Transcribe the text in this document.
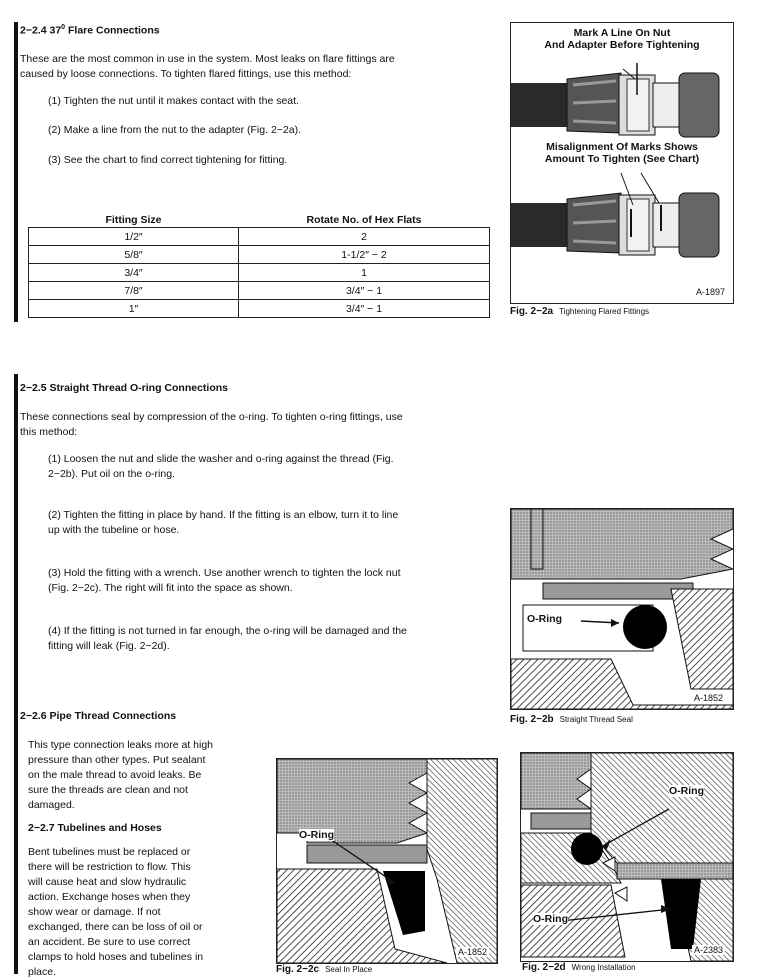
2−2.4 $37^0$ Flare Connections
These are the most common in use in the system. Most leaks on flare fittings are
caused by loose connections. To tighten flared fittings, use this method:
(1) Tighten the nut until it makes contact with the seat.
(2) Make a line from the nut to the adapter (Fig. 2−2a).
(3) See the chart to find correct tightening for fitting.
Fitting Size	Rotate No. of Hex Flats
1/2″	2
5/8″	1-1/2″ − 2
3/4″	1
7/8″	3/4″ − 1
1″	3/4″ − 1
Mark A Line On Nut
And Adapter Before Tightening
Misalignment Of Marks Shows
Amount To Tighten (See Chart)
A-1897
Fig. 2−2a Tightening Flared Fittings
2−2.5 Straight Thread O-ring Connections
These connections seal by compression of the o-ring. To tighten o-ring fittings, use
this method:
(1) Loosen the nut and slide the washer and o-ring against the thread (Fig.
2−2b). Put oil on the o-ring.
(2) Tighten the fitting in place by hand. If the fitting is an elbow, turn it to line
up with the tubeline or hose.
(3) Hold the fitting with a wrench. Use another wrench to tighten the lock nut
(Fig. 2−2c). The right will fit into the space as shown.
(4) If the fitting is not turned in far enough, the o-ring will be damaged and the
fitting will leak (Fig. 2−2d).
O-Ring
A-1852
Fig. 2−2b Straight Thread Seal
2−2.6 Pipe Thread Connections
This type connection leaks more at high
pressure than other types. Put sealant
on the male thread to avoid leaks. Be
sure the threads are clean and not
damaged.
2−2.7 Tubelines and Hoses
Bent tubelines must be replaced or
there will be restriction to flow. This
will cause heat and slow hydraulic
action. Exchange hoses when they
show wear or damage. If not
exchanged, there can be loss of oil or
an accident. Be sure to use correct
clamps to hold hoses and tubelines in
place.
O-Ring
A-1852
Fig. 2−2c Seal In Place
O-Ring
O-Ring
A-2383
Fig. 2−2d Wrong Installation
